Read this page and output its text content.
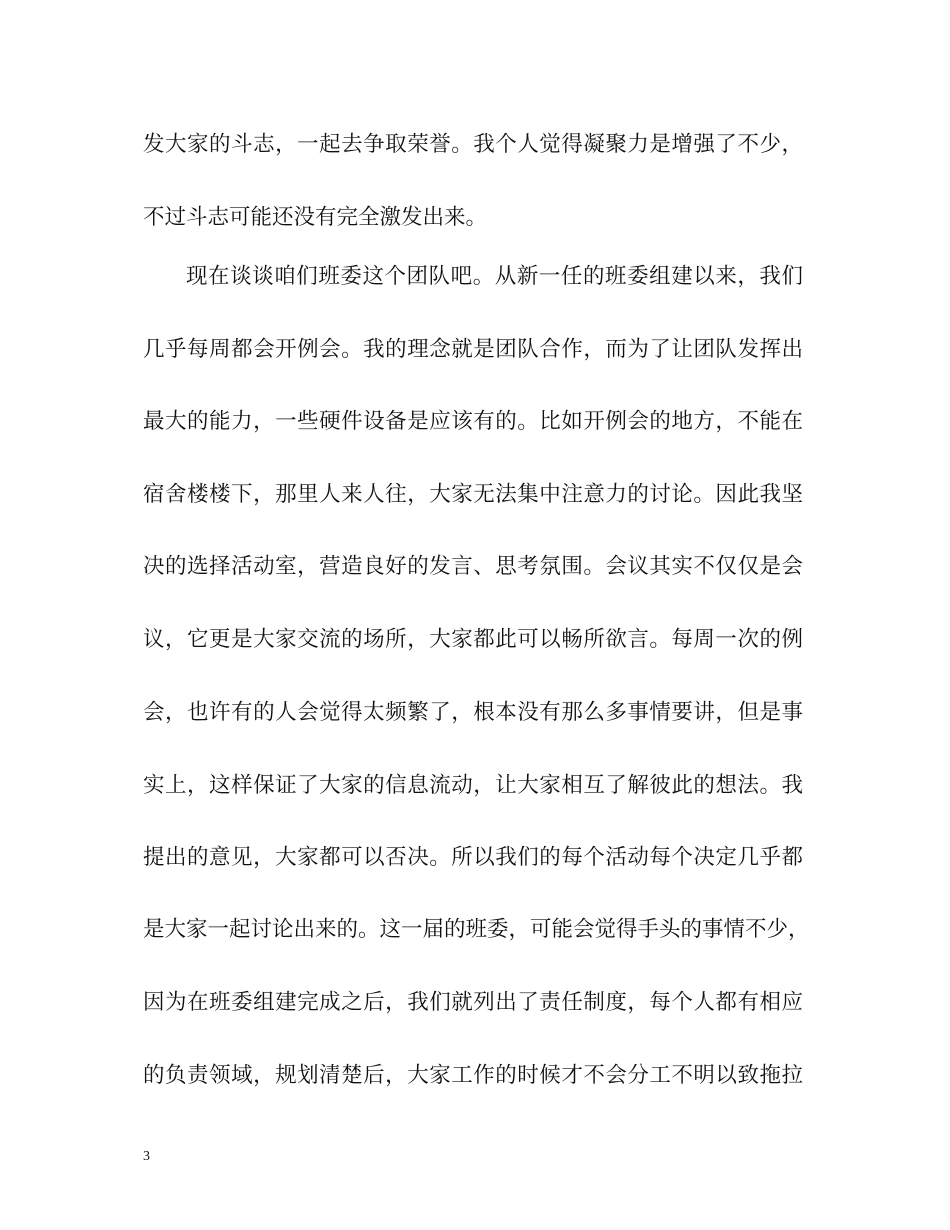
发大家的斗志，一起去争取荣誉。我个人觉得凝聚力是增强了不少，
不过斗志可能还没有完全激发出来。
现在谈谈咱们班委这个团队吧。从新一任的班委组建以来，我们
几乎每周都会开例会。我的理念就是团队合作，而为了让团队发挥出
最大的能力，一些硬件设备是应该有的。比如开例会的地方，不能在
宿舍楼楼下，那里人来人往，大家无法集中注意力的讨论。因此我坚
决的选择活动室，营造良好的发言、思考氛围。会议其实不仅仅是会
议，它更是大家交流的场所，大家都此可以畅所欲言。每周一次的例
会，也许有的人会觉得太频繁了，根本没有那么多事情要讲，但是事
实上，这样保证了大家的信息流动，让大家相互了解彼此的想法。我
提出的意见，大家都可以否决。所以我们的每个活动每个决定几乎都
是大家一起讨论出来的。这一届的班委，可能会觉得手头的事情不少，
因为在班委组建完成之后，我们就列出了责任制度，每个人都有相应
的负责领域，规划清楚后，大家工作的时候才不会分工不明以致拖拉
3
